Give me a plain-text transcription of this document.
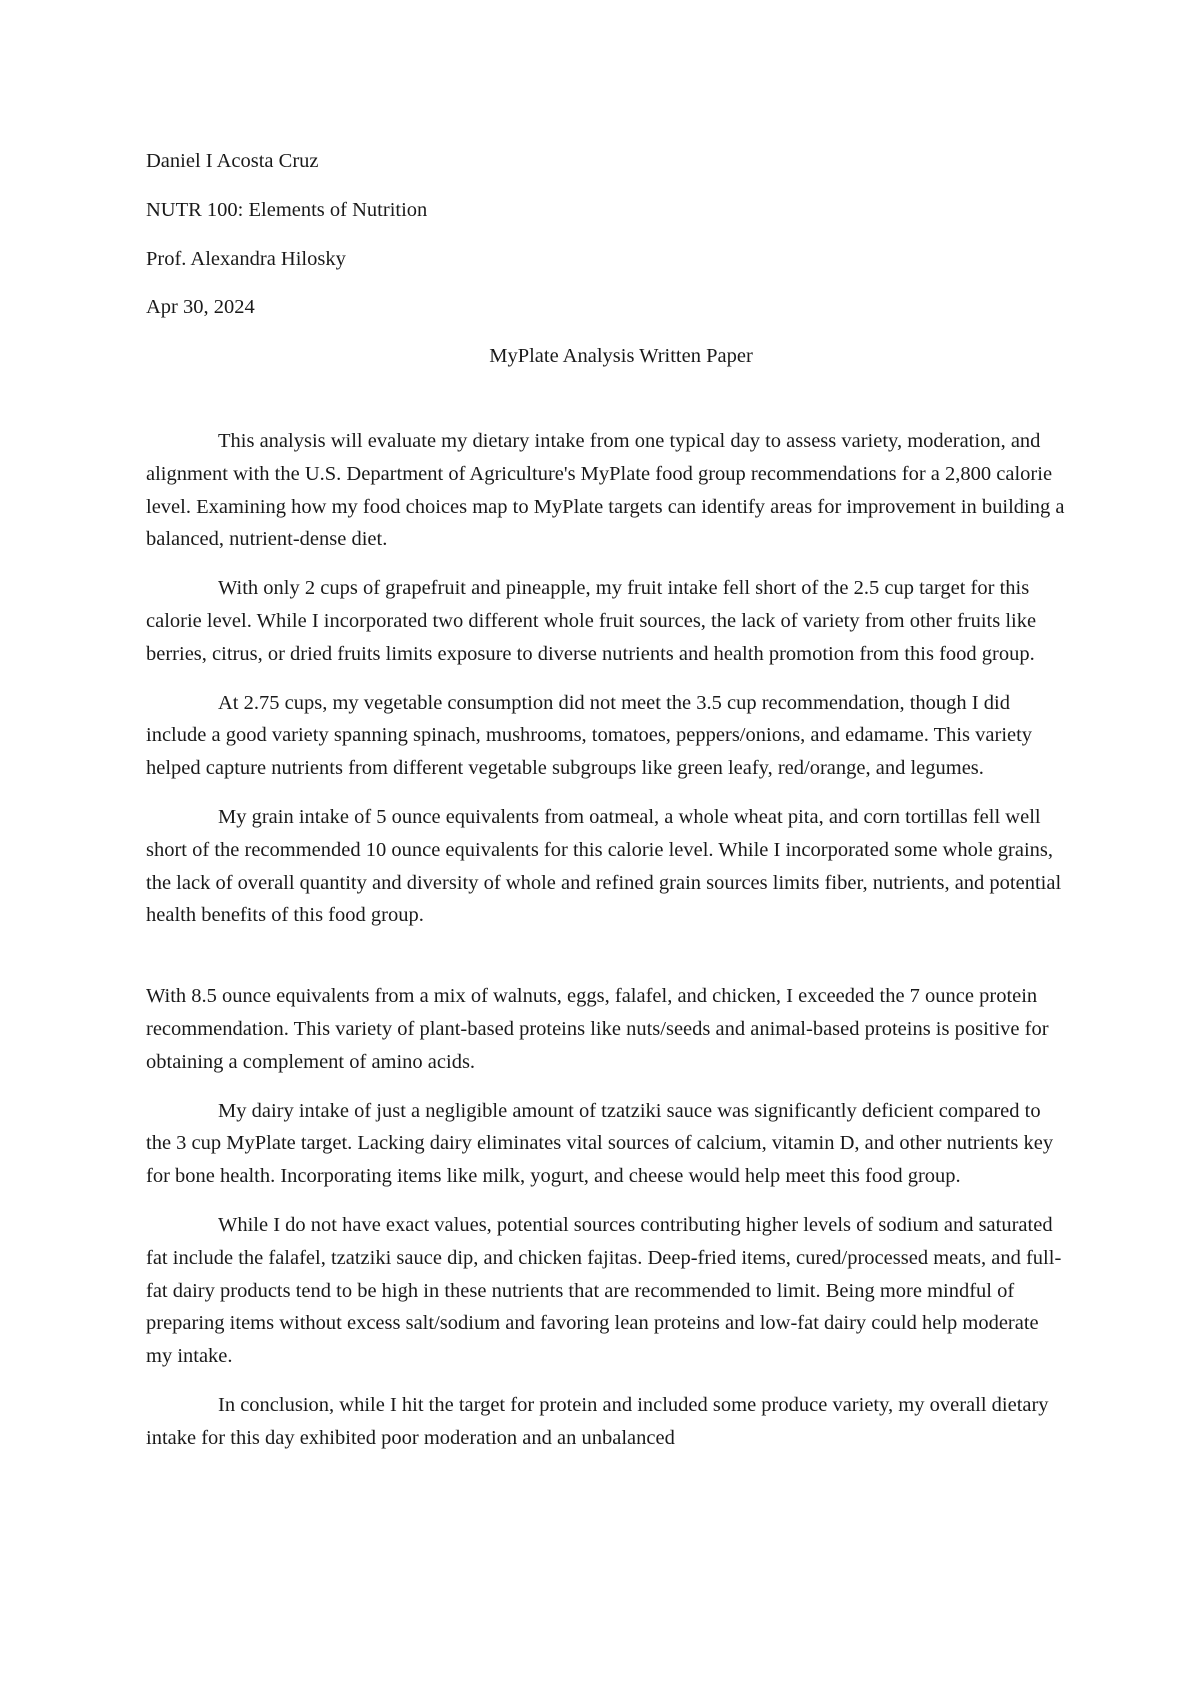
Daniel I Acosta Cruz
NUTR 100: Elements of Nutrition
Prof. Alexandra Hilosky
Apr 30, 2024
MyPlate Analysis Written Paper

This analysis will evaluate my dietary intake from one typical day to assess variety, moderation, and alignment with the U.S. Department of Agriculture's MyPlate food group recommendations for a 2,800 calorie level. Examining how my food choices map to MyPlate targets can identify areas for improvement in building a balanced, nutrient-dense diet.

With only 2 cups of grapefruit and pineapple, my fruit intake fell short of the 2.5 cup target for this calorie level. While I incorporated two different whole fruit sources, the lack of variety from other fruits like berries, citrus, or dried fruits limits exposure to diverse nutrients and health promotion from this food group.

At 2.75 cups, my vegetable consumption did not meet the 3.5 cup recommendation, though I did include a good variety spanning spinach, mushrooms, tomatoes, peppers/onions, and edamame. This variety helped capture nutrients from different vegetable subgroups like green leafy, red/orange, and legumes.

My grain intake of 5 ounce equivalents from oatmeal, a whole wheat pita, and corn tortillas fell well short of the recommended 10 ounce equivalents for this calorie level. While I incorporated some whole grains, the lack of overall quantity and diversity of whole and refined grain sources limits fiber, nutrients, and potential health benefits of this food group.

With 8.5 ounce equivalents from a mix of walnuts, eggs, falafel, and chicken, I exceeded the 7 ounce protein recommendation. This variety of plant-based proteins like nuts/seeds and animal-based proteins is positive for obtaining a complement of amino acids.

My dairy intake of just a negligible amount of tzatziki sauce was significantly deficient compared to the 3 cup MyPlate target. Lacking dairy eliminates vital sources of calcium, vitamin D, and other nutrients key for bone health. Incorporating items like milk, yogurt, and cheese would help meet this food group.

While I do not have exact values, potential sources contributing higher levels of sodium and saturated fat include the falafel, tzatziki sauce dip, and chicken fajitas. Deep-fried items, cured/processed meats, and full-fat dairy products tend to be high in these nutrients that are recommended to limit. Being more mindful of preparing items without excess salt/sodium and favoring lean proteins and low-fat dairy could help moderate my intake.

In conclusion, while I hit the target for protein and included some produce variety, my overall dietary intake for this day exhibited poor moderation and an unbalanced
